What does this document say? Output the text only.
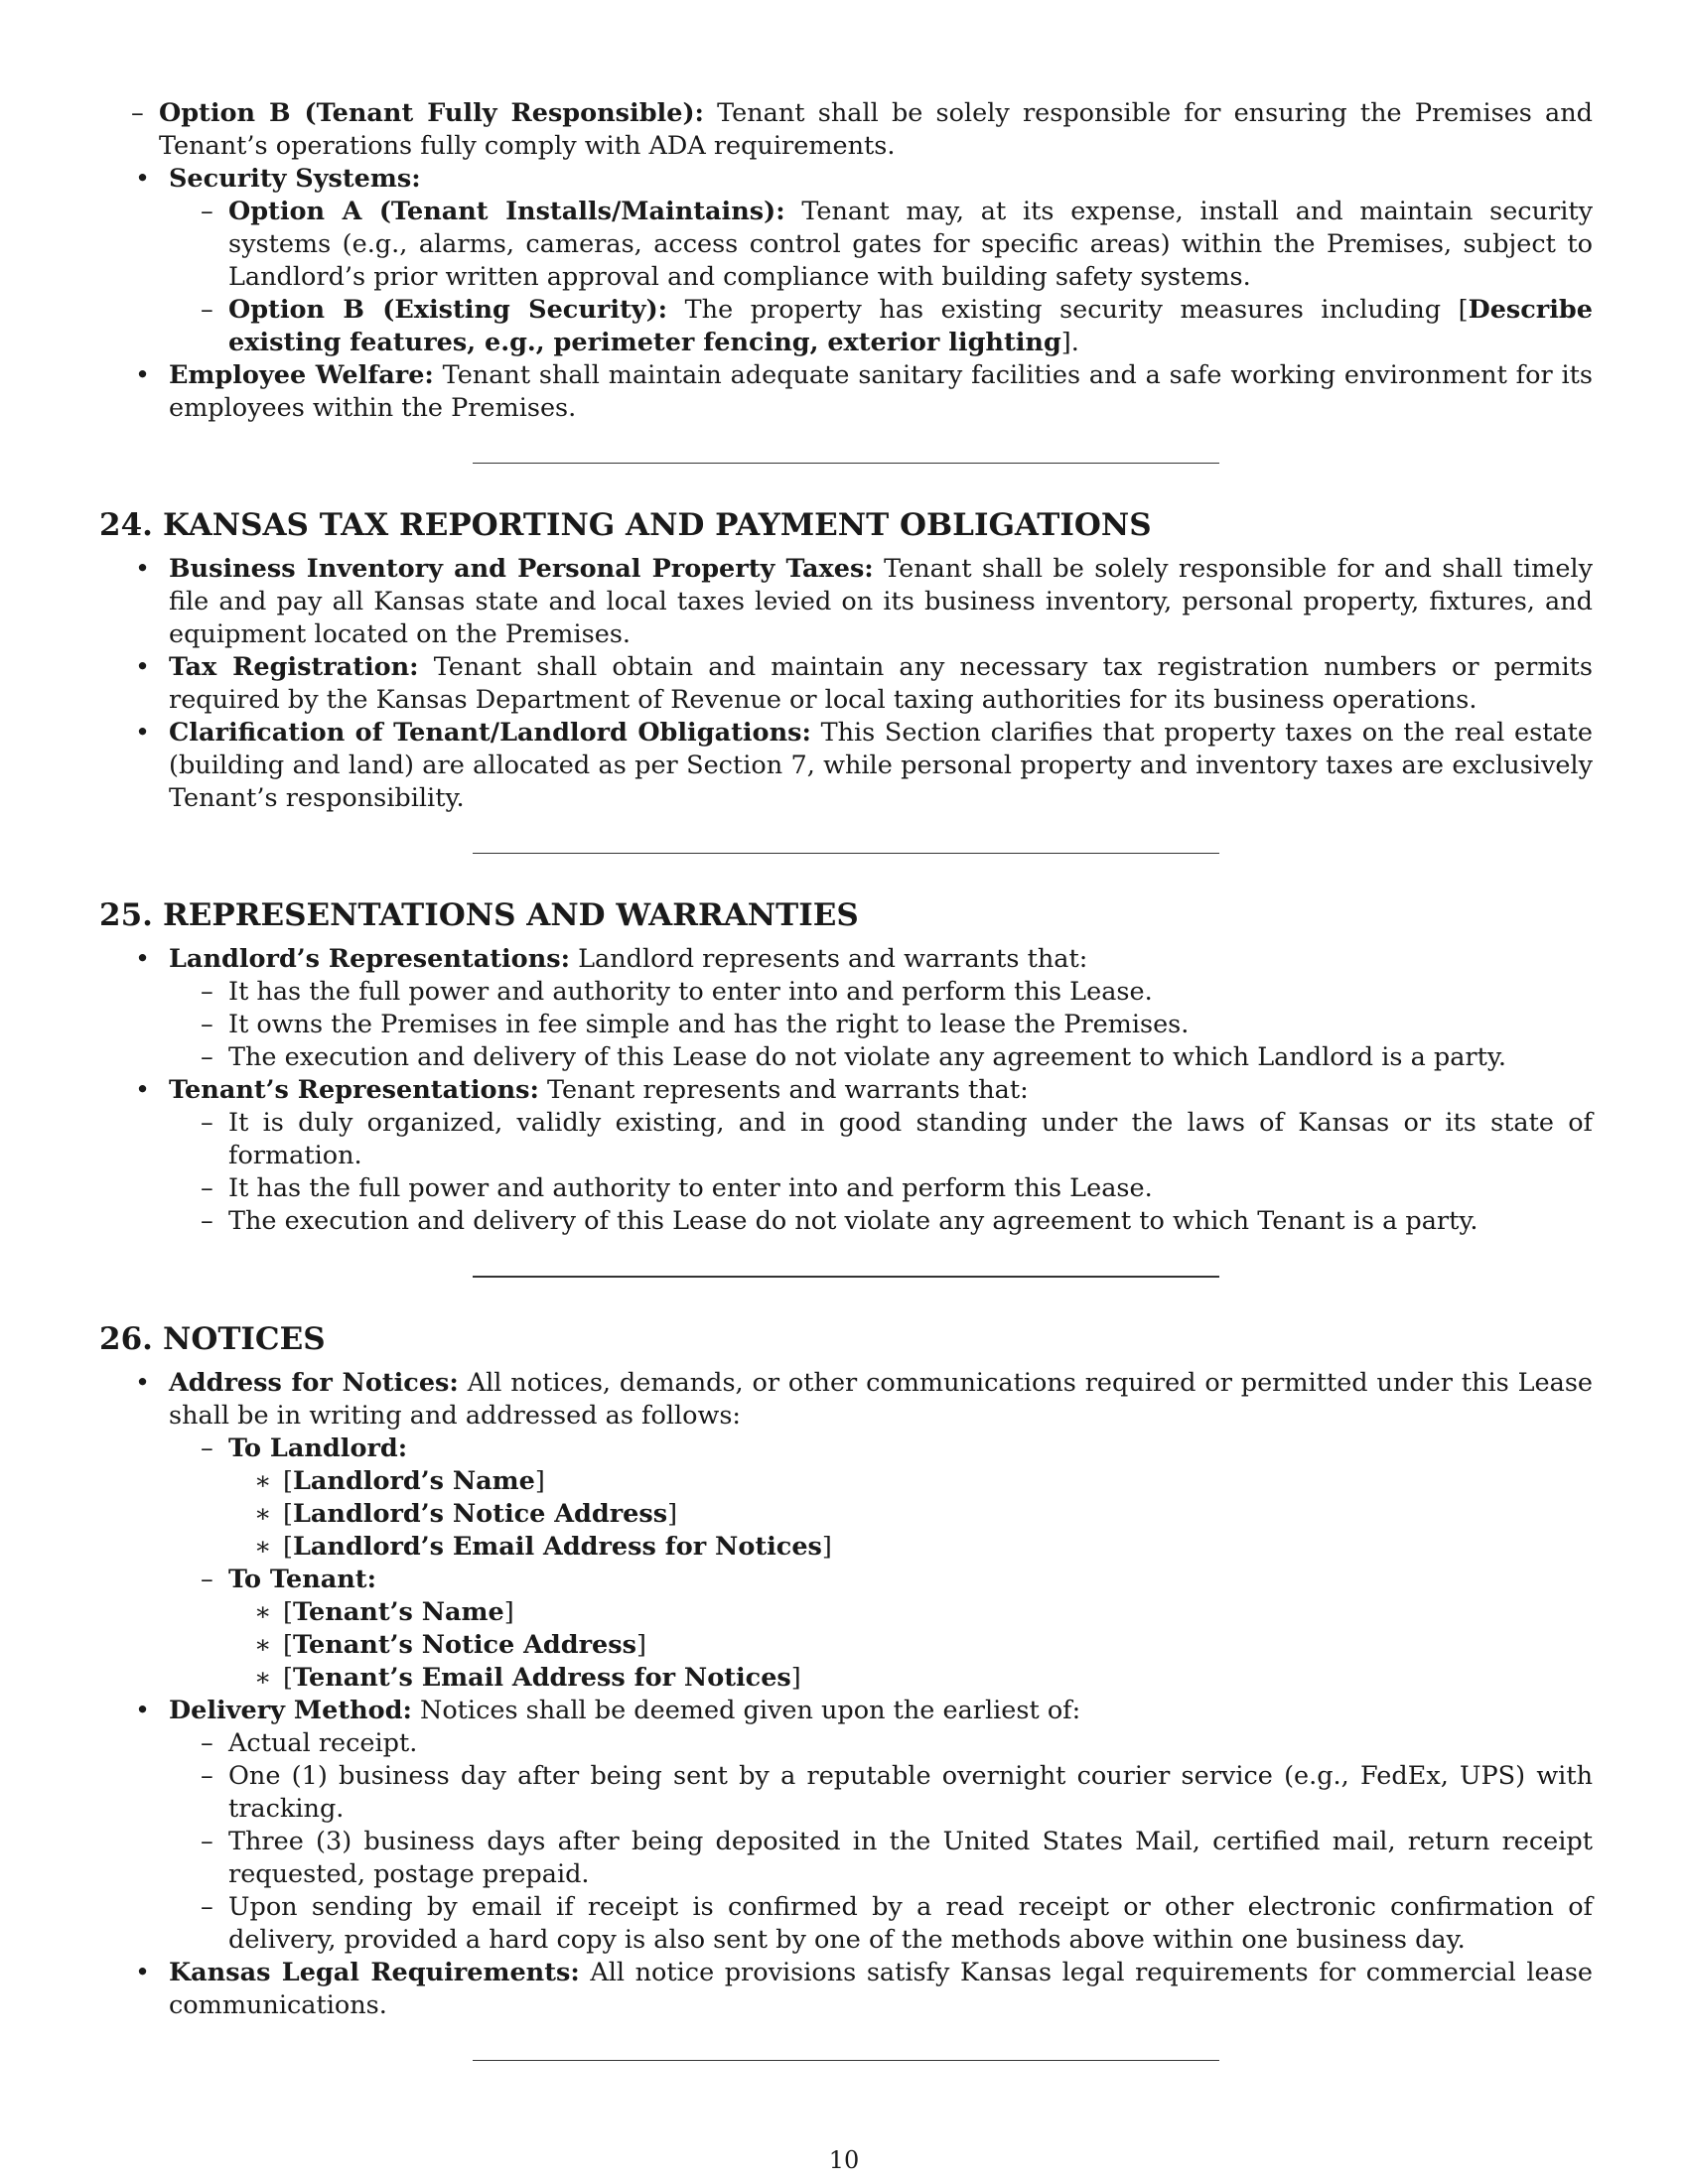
– Option B (Tenant Fully Responsible): Tenant shall be solely responsible for ensuring the Premises and Tenant’s operations fully comply with ADA requirements.
• Security Systems:
– Option A (Tenant Installs/Maintains): Tenant may, at its expense, install and maintain security systems (e.g., alarms, cameras, access control gates for specific areas) within the Premises, subject to Landlord’s prior written approval and compliance with building safety systems.
– Option B (Existing Security): The property has existing security measures including [Describe existing features, e.g., perimeter fencing, exterior lighting].
• Employee Welfare: Tenant shall maintain adequate sanitary facilities and a safe working environment for its employees within the Premises.
24. KANSAS TAX REPORTING AND PAYMENT OBLIGATIONS
• Business Inventory and Personal Property Taxes: Tenant shall be solely responsible for and shall timely file and pay all Kansas state and local taxes levied on its business inventory, personal property, fixtures, and equipment located on the Premises.
• Tax Registration: Tenant shall obtain and maintain any necessary tax registration numbers or permits required by the Kansas Department of Revenue or local taxing authorities for its business operations.
• Clarification of Tenant/Landlord Obligations: This Section clarifies that property taxes on the real estate (building and land) are allocated as per Section 7, while personal property and inventory taxes are exclusively Tenant’s responsibility.
25. REPRESENTATIONS AND WARRANTIES
• Landlord’s Representations: Landlord represents and warrants that:
– It has the full power and authority to enter into and perform this Lease.
– It owns the Premises in fee simple and has the right to lease the Premises.
– The execution and delivery of this Lease do not violate any agreement to which Landlord is a party.
• Tenant’s Representations: Tenant represents and warrants that:
– It is duly organized, validly existing, and in good standing under the laws of Kansas or its state of formation.
– It has the full power and authority to enter into and perform this Lease.
– The execution and delivery of this Lease do not violate any agreement to which Tenant is a party.
26. NOTICES
• Address for Notices: All notices, demands, or other communications required or permitted under this Lease shall be in writing and addressed as follows:
– To Landlord:
∗ [Landlord’s Name]
∗ [Landlord’s Notice Address]
∗ [Landlord’s Email Address for Notices]
– To Tenant:
∗ [Tenant’s Name]
∗ [Tenant’s Notice Address]
∗ [Tenant’s Email Address for Notices]
• Delivery Method: Notices shall be deemed given upon the earliest of:
– Actual receipt.
– One (1) business day after being sent by a reputable overnight courier service (e.g., FedEx, UPS) with tracking.
– Three (3) business days after being deposited in the United States Mail, certified mail, return receipt requested, postage prepaid.
– Upon sending by email if receipt is confirmed by a read receipt or other electronic confirmation of delivery, provided a hard copy is also sent by one of the methods above within one business day.
• Kansas Legal Requirements: All notice provisions satisfy Kansas legal requirements for commercial lease communications.
10
